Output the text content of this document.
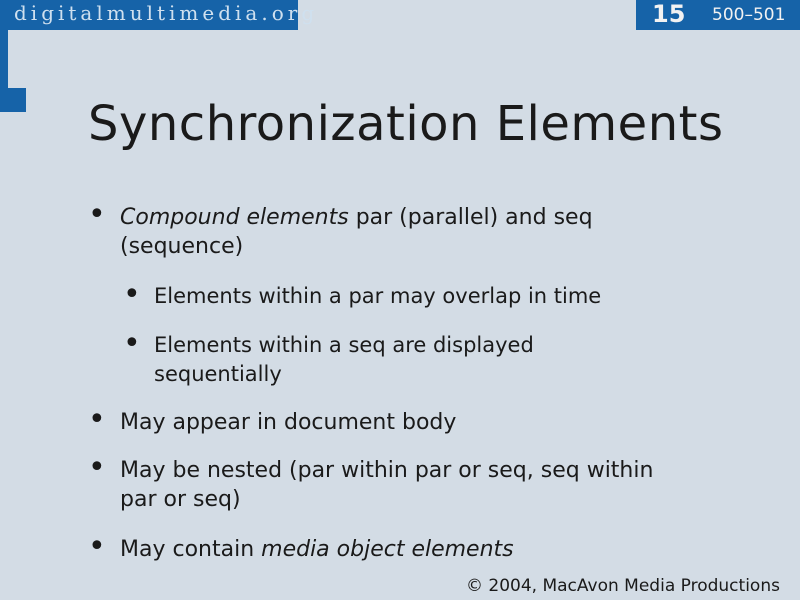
digitalmultimedia.org	15 500–501
Synchronization Elements
• Compound elements par (parallel) and seq
(sequence)
• Elements within a par may overlap in time
• Elements within a seq are displayed
sequentially
• May appear in document body
• May be nested (par within par or seq, seq within
par or seq)
• May contain media object elements
© 2004, MacAvon Media Productions
